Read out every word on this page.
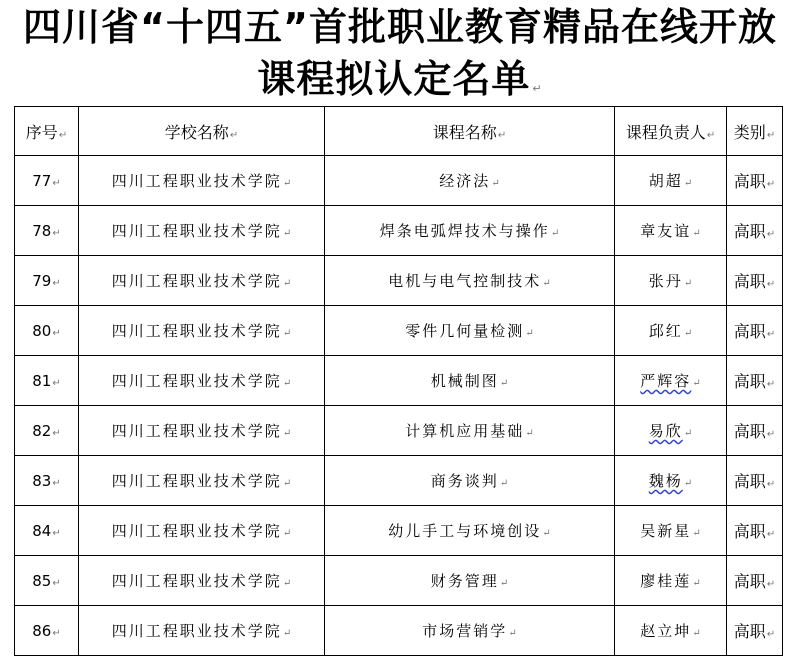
四川省“十四五”首批职业教育精品在线开放
课程拟认定名单 ↵
序号↵	学校名称↵	课程名称↵	课程负责人↵	类别↵
77↵	四川工程职业技术学院↵	经济法↵	胡超↵	高职↵
78↵	四川工程职业技术学院↵	焊条电弧焊技术与操作↵	章友谊↵	高职↵
79↵	四川工程职业技术学院↵	电机与电气控制技术↵	张丹↵	高职↵
80↵	四川工程职业技术学院↵	零件几何量检测↵	邱红↵	高职↵
81↵	四川工程职业技术学院↵	机械制图↵	严辉容↵	高职↵
82↵	四川工程职业技术学院↵	计算机应用基础↵	易欣↵	高职↵
83↵	四川工程职业技术学院↵	商务谈判↵	魏杨↵	高职↵
84↵	四川工程职业技术学院↵	幼儿手工与环境创设↵	吴新星↵	高职↵
85↵	四川工程职业技术学院↵	财务管理↵	廖桂莲↵	高职↵
86↵	四川工程职业技术学院↵	市场营销学↵	赵立坤↵	高职↵
